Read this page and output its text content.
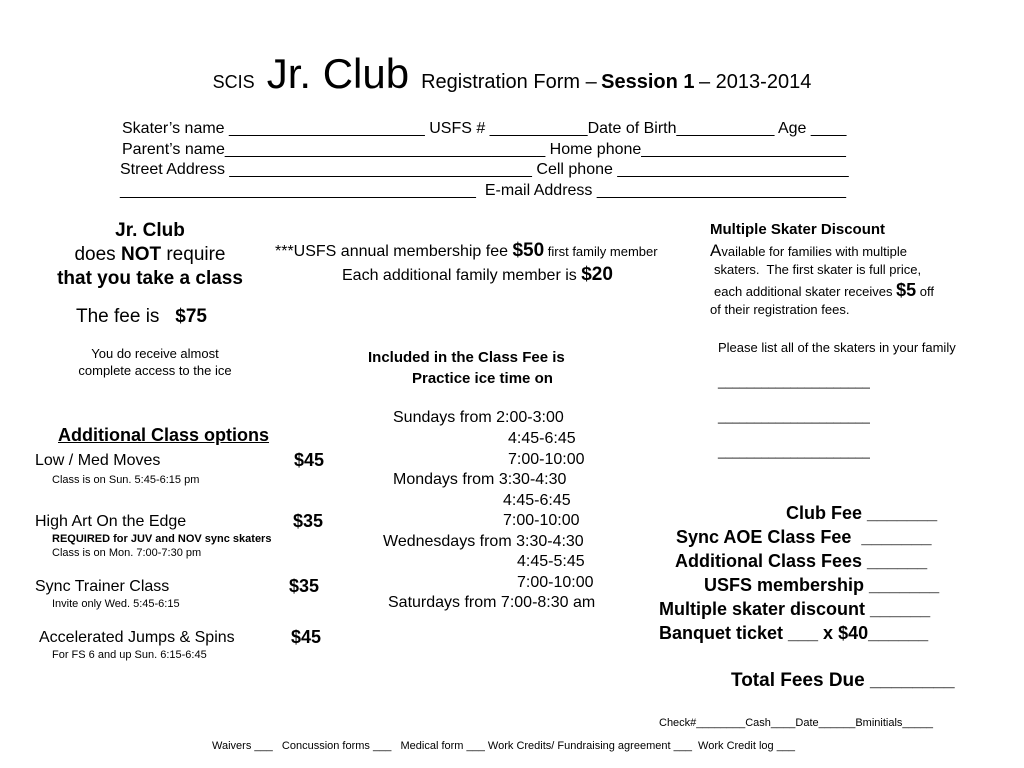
SCIS Jr. Club Registration Form – Session 1 – 2013-2014
Skater’s name ______________________ USFS # ___________Date of Birth___________ Age ____
Parent’s name____________________________________ Home phone_______________________
Street Address __________________________________ Cell phone __________________________
________________________________________  E-mail Address ____________________________
Jr. Club
does NOT require
that you take a class
The fee is $75
You do receive almost
complete access to the ice
Additional Class options
Low / Med Moves	$45
Class is on Sun. 5:45-6:15 pm
High Art On the Edge	$35
REQUIRED for JUV and NOV sync skaters
Class is on Mon. 7:00-7:30 pm
Sync Trainer Class	$35
Invite only Wed. 5:45-6:15
Accelerated Jumps & Spins	$45
For FS 6 and up Sun. 6:15-6:45
***USFS annual membership fee $50 first family member
Each additional family member is $20
Included in the Class Fee is
Practice ice time on
Sundays from 2:00-3:00
4:45-6:45
7:00-10:00
Mondays from 3:30-4:30
4:45-6:45
7:00-10:00
Wednesdays from 3:30-4:30
4:45-5:45
7:00-10:00
Saturdays from 7:00-8:30 am
Multiple Skater Discount
Available for families with multiple
skaters.  The first skater is full price,
each additional skater receives $5 off
of their registration fees.
Please list all of the skaters in your family
_____________________
_____________________
_____________________
Club Fee _______
Sync AOE Class Fee  _______
Additional Class Fees ______
USFS membership _______
Multiple skater discount ______
Banquet ticket ___ x $40______
Total Fees Due ________
Check#________Cash____Date______Bminitials_____
Waivers ___   Concussion forms ___   Medical form ___ Work Credits/ Fundraising agreement ___  Work Credit log ___
